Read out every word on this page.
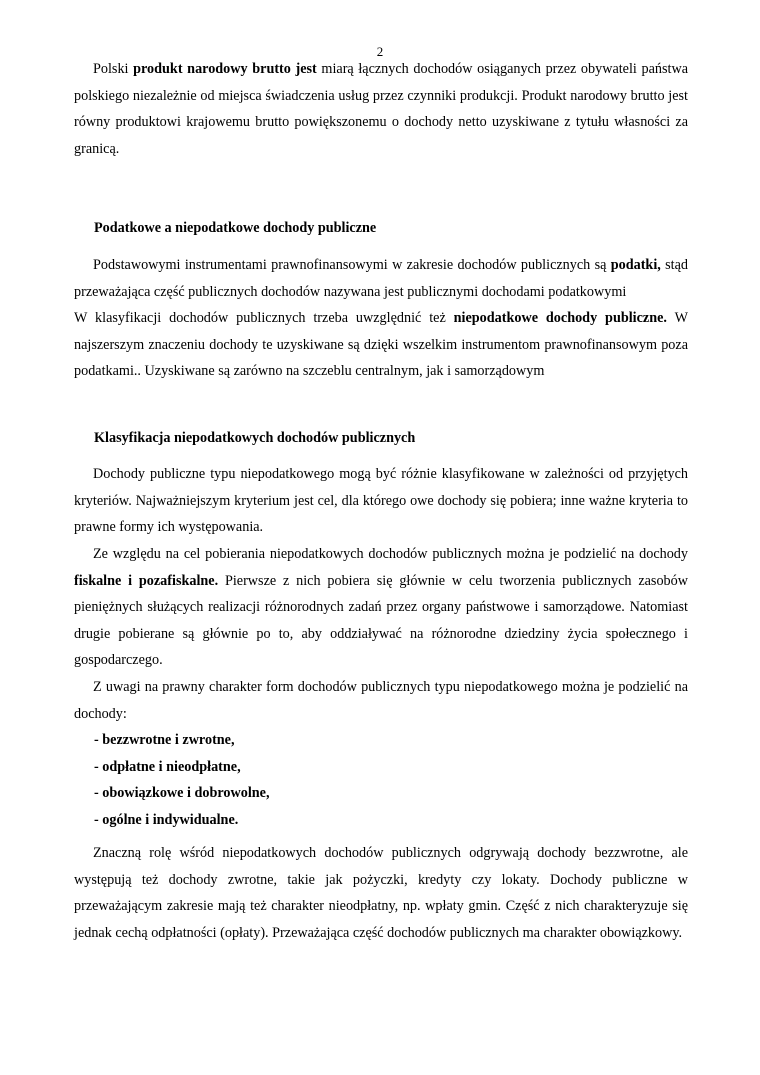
2

Polski produkt narodowy brutto jest miarą łącznych dochodów osiąganych przez obywateli państwa polskiego niezależnie od miejsca świadczenia usług przez czynniki produkcji. Produkt narodowy brutto jest równy produktowi krajowemu brutto powiększonemu o dochody netto uzyskiwane z tytułu własności za granicą.

Podatkowe a niepodatkowe dochody publiczne

Podstawowymi instrumentami prawnofinansowymi w zakresie dochodów publicznych są podatki, stąd przeważająca część publicznych dochodów nazywana jest publicznymi dochodami podatkowymi

W klasyfikacji dochodów publicznych trzeba uwzględnić też niepodatkowe dochody publiczne. W najszerszym znaczeniu dochody te uzyskiwane są dzięki wszelkim instrumentom prawnofinansowym poza podatkami.. Uzyskiwane są zarówno na szczeblu centralnym, jak i samorządowym

Klasyfikacja niepodatkowych dochodów publicznych

Dochody publiczne typu niepodatkowego mogą być różnie klasyfikowane w zależności od przyjętych kryteriów. Najważniejszym kryterium jest cel, dla którego owe dochody się pobiera; inne ważne kryteria to prawne formy ich występowania.

Ze względu na cel pobierania niepodatkowych dochodów publicznych można je podzielić na dochody fiskalne i pozafiskalne. Pierwsze z nich pobiera się głównie w celu tworzenia publicznych zasobów pieniężnych służących realizacji różnorodnych zadań przez organy państwowe i samorządowe. Natomiast drugie pobierane są głównie po to, aby oddziaływać na różnorodne dziedziny życia społecznego i gospodarczego.

Z uwagi na prawny charakter form dochodów publicznych typu niepodatkowego można je podzielić na dochody:

- bezzwrotne i zwrotne,
- odpłatne i nieodpłatne,
- obowiązkowe i dobrowolne,
- ogólne i indywidualne.

Znaczną rolę wśród niepodatkowych dochodów publicznych odgrywają dochody bezzwrotne, ale występują też dochody zwrotne, takie jak pożyczki, kredyty czy lokaty. Dochody publiczne w przeważającym zakresie mają też charakter nieodpłatny, np. wpłaty gmin. Część z nich charakteryzuje się jednak cechą odpłatności (opłaty). Przeważająca część dochodów publicznych ma charakter obowiązkowy.
